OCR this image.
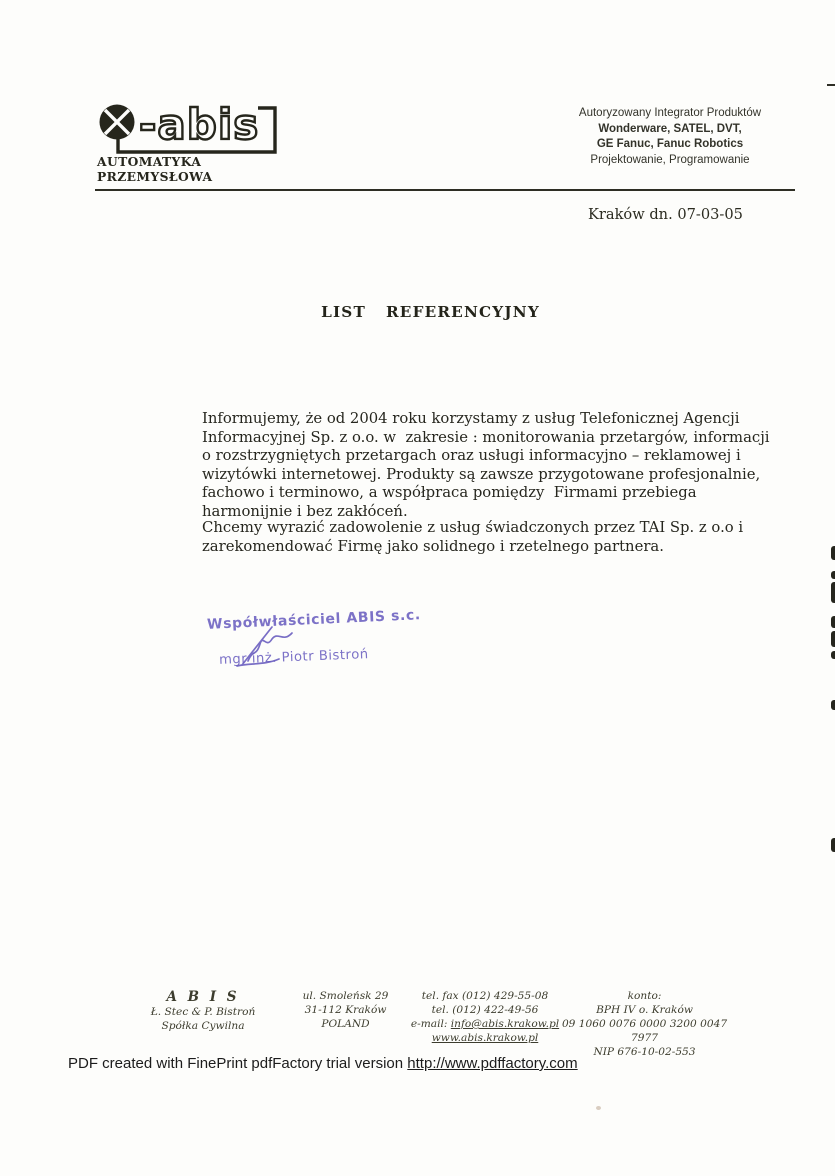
-abis
AUTOMATYKA PRZEMYSŁOWA
Autoryzowany Integrator Produktów
Wonderware, SATEL, DVT,
GE Fanuc, Fanuc Robotics
Projektowanie, Programowanie
Kraków dn. 07-03-05
LIST REFERENCYJNY
Informujemy, że od 2004 roku korzystamy z usług Telefonicznej Agencji
Informacyjnej Sp. z o.o. w  zakresie : monitorowania przetargów, informacji
o rozstrzygniętych przetargach oraz usługi informacyjno – reklamowej i
wizytówki internetowej. Produkty są zawsze przygotowane profesjonalnie,
fachowo i terminowo, a współpraca pomiędzy  Firmami przebiega
harmonijnie i bez zakłóceń.
Chcemy wyrazić zadowolenie z usług świadczonych przez TAI Sp. z o.o i
zarekomendować Firmę jako solidnego i rzetelnego partnera.
Współwłaściciel ABIS s.c.
mgr inż. Piotr Bistroń
A B I S
Ł. Stec & P. Bistroń
Spółka Cywilna
ul. Smoleńsk 29
31-112 Kraków
POLAND
tel. fax (012) 429-55-08
tel. (012) 422-49-56
e-mail: info@abis.krakow.pl
www.abis.krakow.pl
konto:
BPH IV o. Kraków
09 1060 0076 0000 3200 0047 7977
NIP 676-10-02-553
PDF created with FinePrint pdfFactory trial version http://www.pdffactory.com
